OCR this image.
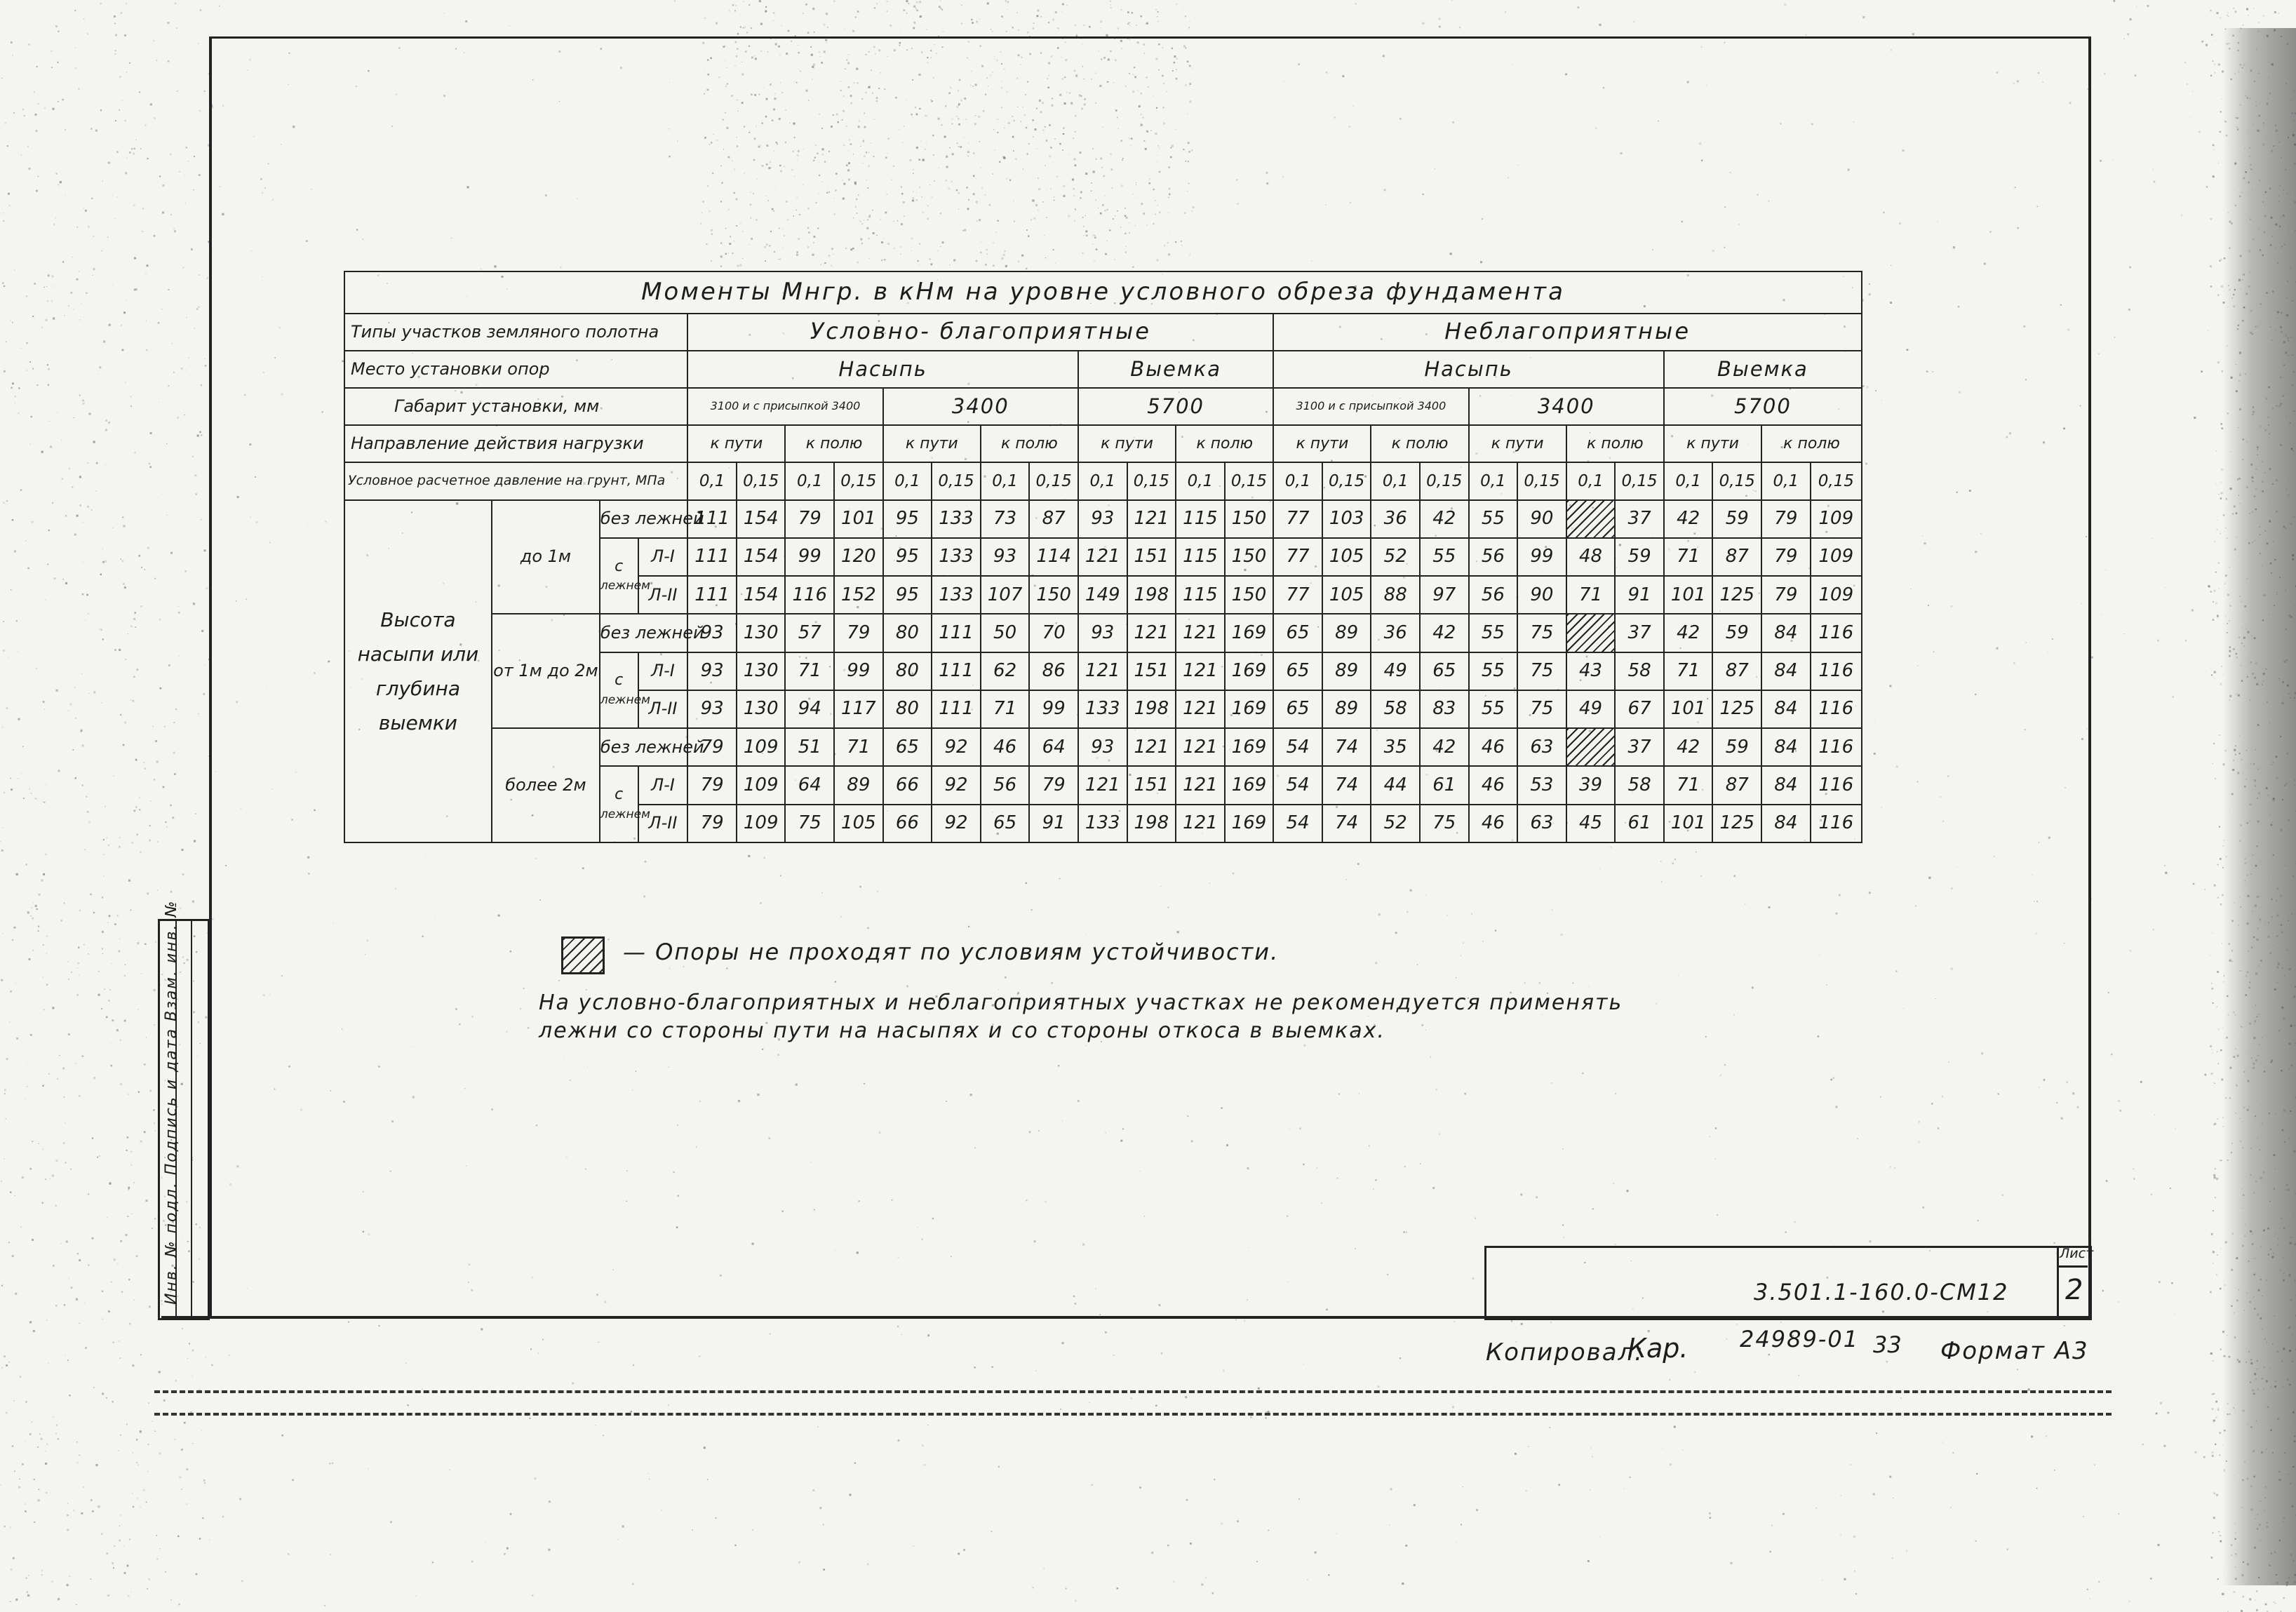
Инв. № подл. Подпись и дата Взам. инв. №
Моменты Мнгр. в кНм на уровне условного обреза фундамента																											
Типы участков земляного полотна				Условно- благоприятные												Неблагоприятные											
Место установки опор				Насыпь								Выемка				Насыпь								Выемка			
Габарит установки, мм				3100 и с присыпкой 3400				3400				5700				3100 и с присыпкой 3400				3400				5700			
Направление действия нагрузки				к пути		к полю		к пути		к полю		к пути		к полю		к пути		к полю		к пути		к полю		к пути		к полю	
Условное расчетное давление на грунт, МПа				0,1	0,15	0,1	0,15	0,1	0,15	0,1	0,15	0,1	0,15	0,1	0,15	0,1	0,15	0,1	0,15	0,1	0,15	0,1	0,15	0,1	0,15	0,1	0,15
Высота насыпи или глубина выемки	до 1м	без лежней		111	154	79	101	95	133	73	87	93	121	115	150	77	103	36	42	55	90		37	42	59	79	109
		с
лежнем	Л-I	111	154	99	120	95	133	93	114	121	151	115	150	77	105	52	55	56	99	48	59	71	87	79	109
			Л-II	111	154	116	152	95	133	107	150	149	198	115	150	77	105	88	97	56	90	71	91	101	125	79	109
	от 1м до 2м	без лежней		93	130	57	79	80	111	50	70	93	121	121	169	65	89	36	42	55	75		37	42	59	84	116
		с
лежнем	Л-I	93	130	71	99	80	111	62	86	121	151	121	169	65	89	49	65	55	75	43	58	71	87	84	116
			Л-II	93	130	94	117	80	111	71	99	133	198	121	169	65	89	58	83	55	75	49	67	101	125	84	116
	более 2м	без лежней		79	109	51	71	65	92	46	64	93	121	121	169	54	74	35	42	46	63		37	42	59	84	116
		с
лежнем	Л-I	79	109	64	89	66	92	56	79	121	151	121	169	54	74	44	61	46	53	39	58	71	87	84	116
			Л-II	79	109	75	105	66	92	65	91	133	198	121	169	54	74	52	75	46	63	45	61	101	125	84	116
— Опоры не проходят по условиям устойчивости.
На условно-благоприятных и неблагоприятных участках не рекомендуется применять
лежни со стороны пути на насыпях и со стороны откоса в выемках.
Лист
2
3.501.1-160.0-СМ12
Копировал:
Кар. 24989-01 33 Формат А3
